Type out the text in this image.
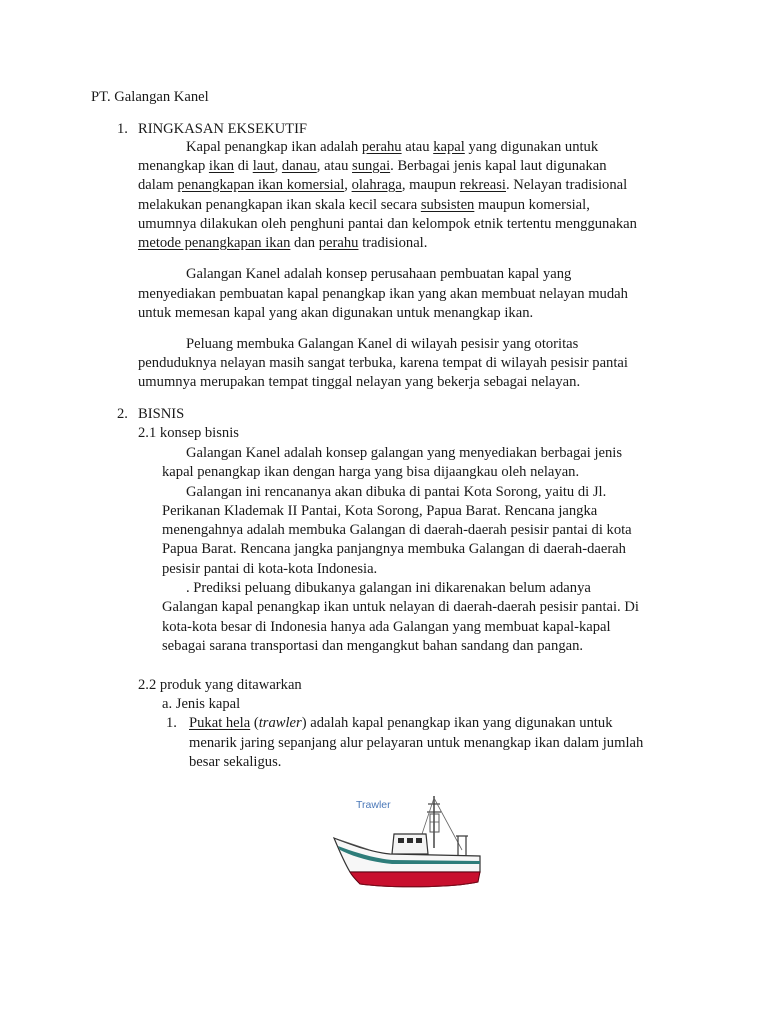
PT. Galangan Kanel
1. RINGKASAN EKSEKUTIF
Kapal penangkap ikan adalah perahu atau kapal yang digunakan untuk
menangkap ikan di laut, danau, atau sungai. Berbagai jenis kapal laut digunakan
dalam penangkapan ikan komersial, olahraga, maupun rekreasi. Nelayan tradisional
melakukan penangkapan ikan skala kecil secara subsisten maupun komersial,
umumnya dilakukan oleh penghuni pantai dan kelompok etnik tertentu menggunakan
metode penangkapan ikan dan perahu tradisional.
Galangan Kanel adalah konsep perusahaan pembuatan kapal yang
menyediakan pembuatan kapal penangkap ikan yang akan membuat nelayan mudah
untuk memesan kapal yang akan digunakan untuk menangkap ikan.
Peluang membuka Galangan Kanel di wilayah pesisir yang otoritas
penduduknya nelayan masih sangat terbuka, karena tempat di wilayah pesisir pantai
umumnya merupakan tempat tinggal nelayan yang bekerja sebagai nelayan.
2. BISNIS
2.1 konsep bisnis
Galangan Kanel adalah konsep galangan yang menyediakan berbagai jenis
kapal penangkap ikan dengan harga yang bisa dijaangkau oleh nelayan.
Galangan ini rencananya akan dibuka di pantai Kota Sorong, yaitu di Jl.
Perikanan Klademak II Pantai, Kota Sorong, Papua Barat. Rencana jangka
menengahnya adalah membuka Galangan di daerah-daerah pesisir pantai di kota
Papua Barat. Rencana jangka panjangnya membuka Galangan di daerah-daerah
pesisir pantai di kota-kota Indonesia.
. Prediksi peluang dibukanya galangan ini dikarenakan belum adanya
Galangan kapal penangkap ikan untuk nelayan di daerah-daerah pesisir pantai. Di
kota-kota besar di Indonesia hanya ada Galangan yang membuat kapal-kapal
sebagai sarana transportasi dan mengangkut bahan sandang dan pangan.
2.2 produk yang ditawarkan
a. Jenis kapal
1. Pukat hela (trawler) adalah kapal penangkap ikan yang digunakan untuk
menarik jaring sepanjang alur pelayaran untuk menangkap ikan dalam jumlah
besar sekaligus.
Trawler
